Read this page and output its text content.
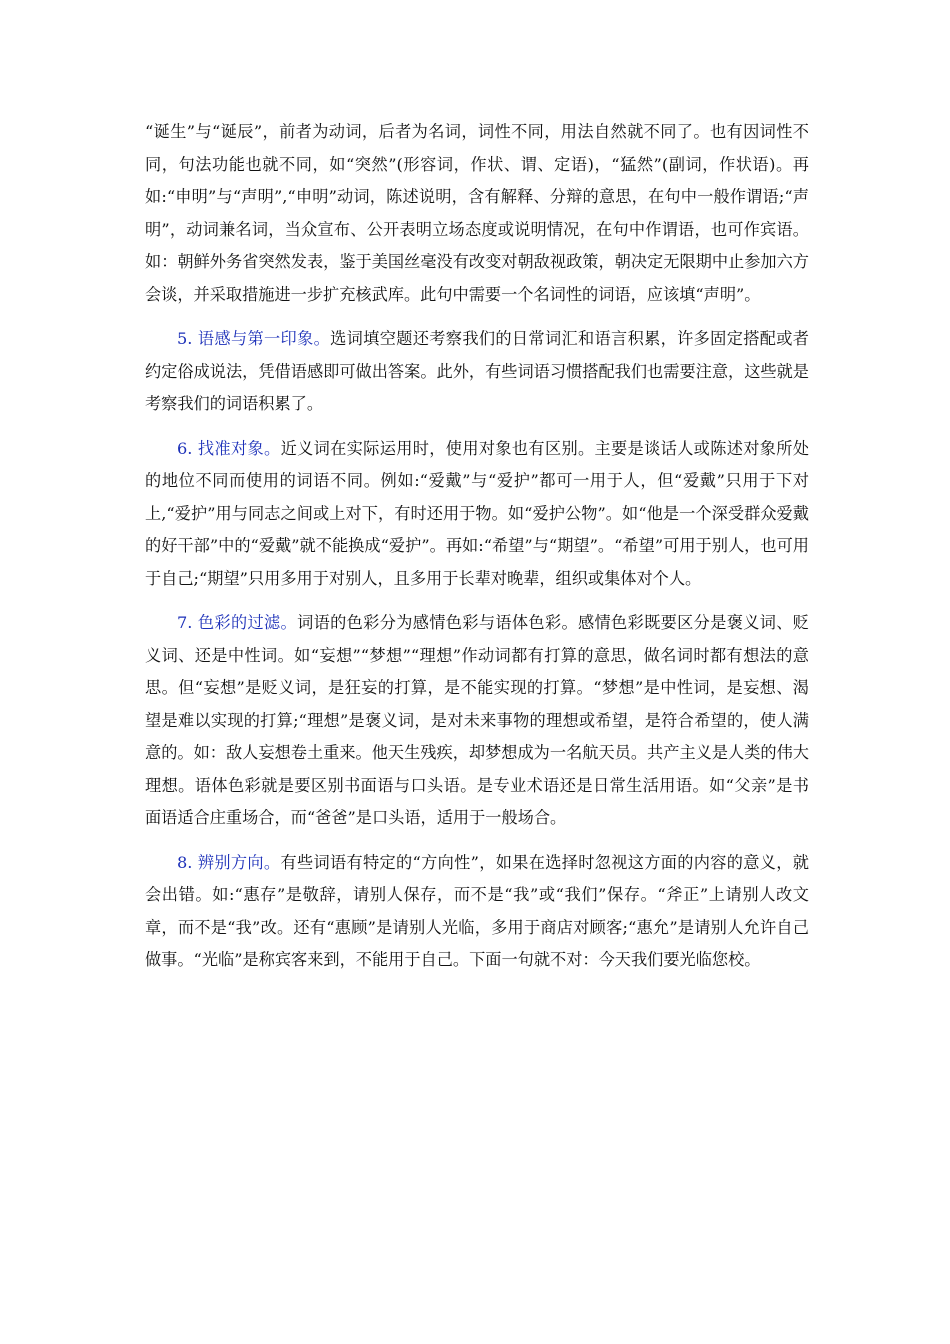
“诞生”与“诞辰”，前者为动词，后者为名词，词性不同，用法自然就不同了。也有因词性不同，句法功能也就不同，如“突然”(形容词，作状、谓、定语)，“猛然”(副词，作状语)。再如:“申明”与“声明”,“申明”动词，陈述说明，含有解释、分辩的意思，在句中一般作谓语;“声明”，动词兼名词，当众宣布、公开表明立场态度或说明情况，在句中作谓语，也可作宾语。如：朝鲜外务省突然发表，鉴于美国丝毫没有改变对朝敌视政策，朝决定无限期中止参加六方会谈，并采取措施进一步扩充核武库。此句中需要一个名词性的词语，应该填“声明”。

5. 语感与第一印象。选词填空题还考察我们的日常词汇和语言积累，许多固定搭配或者约定俗成说法，凭借语感即可做出答案。此外，有些词语习惯搭配我们也需要注意，这些就是考察我们的词语积累了。

6. 找准对象。近义词在实际运用时，使用对象也有区别。主要是谈话人或陈述对象所处的地位不同而使用的词语不同。例如:“爱戴”与“爱护”都可一用于人，但“爱戴”只用于下对上,“爱护”用与同志之间或上对下，有时还用于物。如“爱护公物”。如“他是一个深受群众爱戴的好干部”中的“爱戴”就不能换成“爱护”。再如:“希望”与“期望”。“希望”可用于别人，也可用于自己;“期望”只用多用于对别人，且多用于长辈对晚辈，组织或集体对个人。

7. 色彩的过滤。词语的色彩分为感情色彩与语体色彩。感情色彩既要区分是褒义词、贬义词、还是中性词。如“妄想”“梦想”“理想”作动词都有打算的意思，做名词时都有想法的意思。但“妄想”是贬义词，是狂妄的打算，是不能实现的打算。“梦想”是中性词，是妄想、渴望是难以实现的打算;“理想”是褒义词，是对未来事物的理想或希望，是符合希望的，使人满意的。如：敌人妄想卷土重来。他天生残疾，却梦想成为一名航天员。共产主义是人类的伟大理想。语体色彩就是要区别书面语与口头语。是专业术语还是日常生活用语。如“父亲”是书面语适合庄重场合，而“爸爸”是口头语，适用于一般场合。

8. 辨别方向。有些词语有特定的“方向性”，如果在选择时忽视这方面的内容的意义，就会出错。如:“惠存”是敬辞，请别人保存，而不是“我”或“我们”保存。“斧正”上请别人改文章，而不是“我”改。还有“惠顾”是请别人光临，多用于商店对顾客;“惠允”是请别人允许自己做事。“光临”是称宾客来到，不能用于自己。下面一句就不对：今天我们要光临您校。
